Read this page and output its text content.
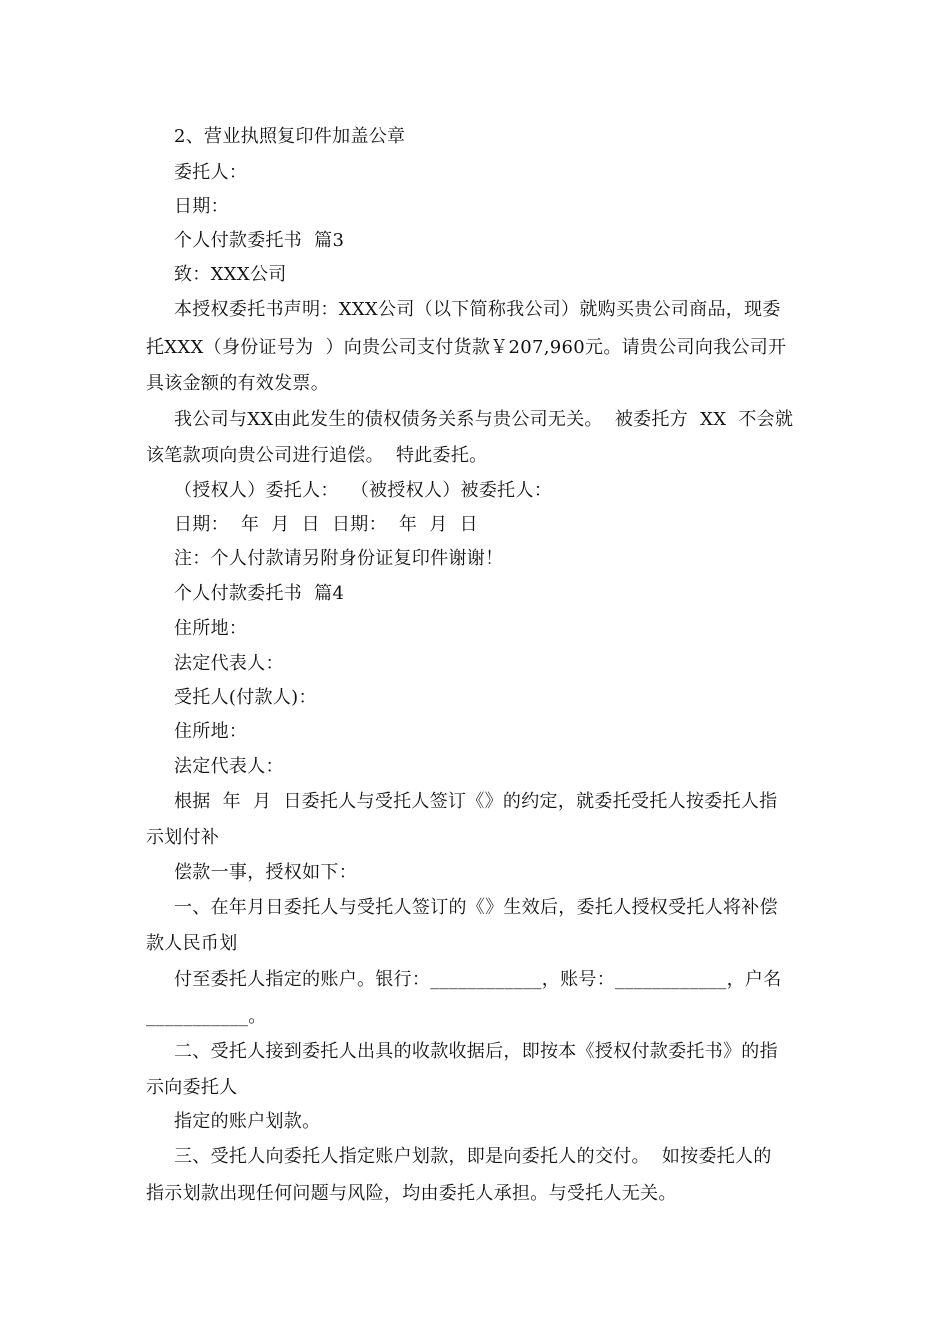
2、营业执照复印件加盖公章
委托人：
日期：
个人付款委托书  篇3
致：XXX公司
本授权委托书声明：XXX公司（以下简称我公司）就购买贵公司商品，现委
托XXX（身份证号为  ）向贵公司支付货款￥207,960元。请贵公司向我公司开
具该金额的有效发票。
我公司与XX由此发生的债权债务关系与贵公司无关。  被委托方  XX  不会就
该笔款项向贵公司进行追偿。  特此委托。
（授权人）委托人：  （被授权人）被委托人：
日期：  年  月  日  日期：  年  月  日
注：个人付款请另附身份证复印件谢谢！
个人付款委托书  篇4
住所地：
法定代表人：
受托人(付款人)：
住所地：
法定代表人：
根据  年  月  日委托人与受托人签订《》的约定，就委托受托人按委托人指
示划付补
偿款一事，授权如下：
一、在年月日委托人与受托人签订的《》生效后，委托人授权受托人将补偿
款人民币划
付至委托人指定的账户。银行：____________，账号：____________，户名
___________。
二、受托人接到委托人出具的收款收据后，即按本《授权付款委托书》的指
示向委托人
指定的账户划款。
三、受托人向委托人指定账户划款，即是向委托人的交付。  如按委托人的
指示划款出现任何问题与风险，均由委托人承担。与受托人无关。
